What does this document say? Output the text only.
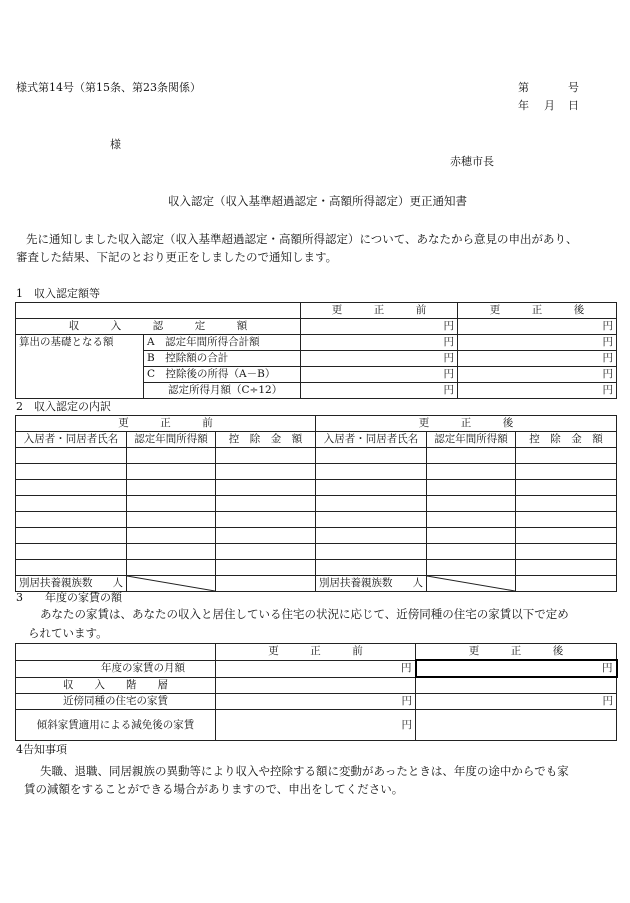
様式第14号（第15条、第23条関係）	第	号
年 月 日
様
赤穂市長
収入認定（収入基準超過認定・高額所得認定）更正通知書
先に通知しました収入認定（収入基準超過認定・高額所得認定）について、あなたから意見の申出があり、
審査した結果、下記のとおり更正をしましたので通知します。
1　収入認定額等
		更　　　正　　　前	更　　　正　　　後
収　　　入　　　認　　　定　　　額		円	円
算出の基礎となる額	A　認定年間所得合計額	円	円
	B　控除額の合計	円	円
	C　控除後の所得（A－B）	円	円
	　　認定所得月額（C÷12）	円	円
2　収入認定の内訳
更　　　正　　　前			更　　　正　　　後		
入居者・同居者氏名	認定年間所得額	控　除　金　額	入居者・同居者氏名	認定年間所得額	控　除　金　額

別居扶養親族数 人			別居扶養親族数 人

3　　年度の家賃の額
あなたの家賃は、あなたの収入と居住している住宅の状況に応じて、近傍同種の住宅の家賃以下で定め
られています。
	更　　　正　　　前	更　　　正　　　後
年度の家賃の月額	円	円
収　　入　　階　　層		
近傍同種の住宅の家賃	円	円
傾斜家賃適用による減免後の家賃	円	
4告知事項
失職、退職、同居親族の異動等により収入や控除する額に変動があったときは、年度の途中からでも家
賃の減額をすることができる場合がありますので、申出をしてください。
